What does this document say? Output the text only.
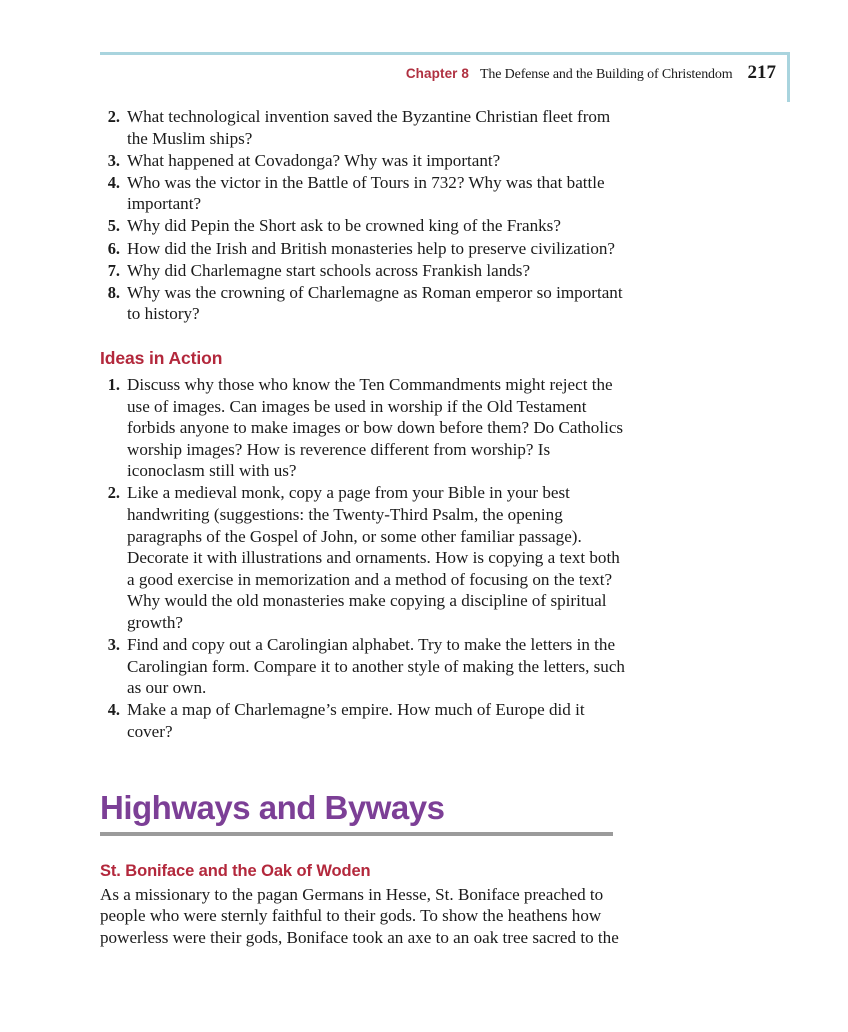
Chapter 8 The Defense and the Building of Christendom 217
2. What technological invention saved the Byzantine Christian fleet from the Muslim ships?
3. What happened at Covadonga? Why was it important?
4. Who was the victor in the Battle of Tours in 732? Why was that battle important?
5. Why did Pepin the Short ask to be crowned king of the Franks?
6. How did the Irish and British monasteries help to preserve civilization?
7. Why did Charlemagne start schools across Frankish lands?
8. Why was the crowning of Charlemagne as Roman emperor so important to history?
Ideas in Action
1. Discuss why those who know the Ten Commandments might reject the use of images. Can images be used in worship if the Old Testament forbids anyone to make images or bow down before them? Do Catholics worship images? How is reverence different from worship? Is iconoclasm still with us?
2. Like a medieval monk, copy a page from your Bible in your best handwriting (suggestions: the Twenty-Third Psalm, the opening paragraphs of the Gospel of John, or some other familiar passage). Decorate it with illustrations and ornaments. How is copying a text both a good exercise in memorization and a method of focusing on the text? Why would the old monasteries make copying a discipline of spiritual growth?
3. Find and copy out a Carolingian alphabet. Try to make the letters in the Carolingian form. Compare it to another style of making the letters, such as our own.
4. Make a map of Charlemagne’s empire. How much of Europe did it cover?
Highways and Byways
St. Boniface and the Oak of Woden

As a missionary to the pagan Germans in Hesse, St. Boniface preached to people who were sternly faithful to their gods. To show the heathens how powerless were their gods, Boniface took an axe to an oak tree sacred to the
